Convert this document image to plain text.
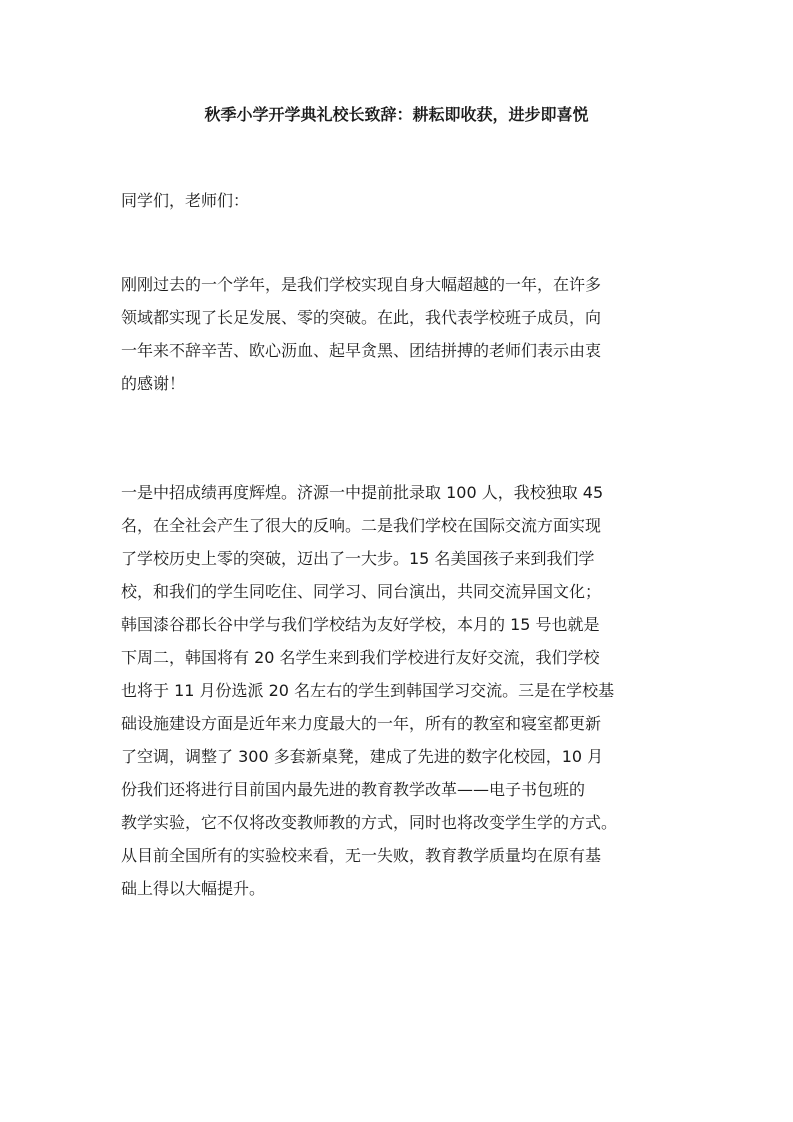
秋季小学开学典礼校长致辞：耕耘即收获，进步即喜悦

同学们，老师们：

刚刚过去的一个学年，是我们学校实现自身大幅超越的一年，在许多
领域都实现了长足发展、零的突破。在此，我代表学校班子成员，向
一年来不辞辛苦、欧心沥血、起早贪黑、团结拼搏的老师们表示由衷
的感谢！
一是中招成绩再度辉煌。济源一中提前批录取 100 人，我校独取 45
名，在全社会产生了很大的反响。二是我们学校在国际交流方面实现
了学校历史上零的突破，迈出了一大步。15 名美国孩子来到我们学
校，和我们的学生同吃住、同学习、同台演出，共同交流异国文化；
韩国漆谷郡长谷中学与我们学校结为友好学校，本月的 15 号也就是
下周二，韩国将有 20 名学生来到我们学校进行友好交流，我们学校
也将于 11 月份选派 20 名左右的学生到韩国学习交流。三是在学校基
础设施建设方面是近年来力度最大的一年，所有的教室和寝室都更新
了空调，调整了 300 多套新桌凳，建成了先进的数字化校园，10 月
份我们还将进行目前国内最先进的教育教学改革——电子书包班的
教学实验，它不仅将改变教师教的方式，同时也将改变学生学的方式。
从目前全国所有的实验校来看，无一失败，教育教学质量均在原有基
础上得以大幅提升。
